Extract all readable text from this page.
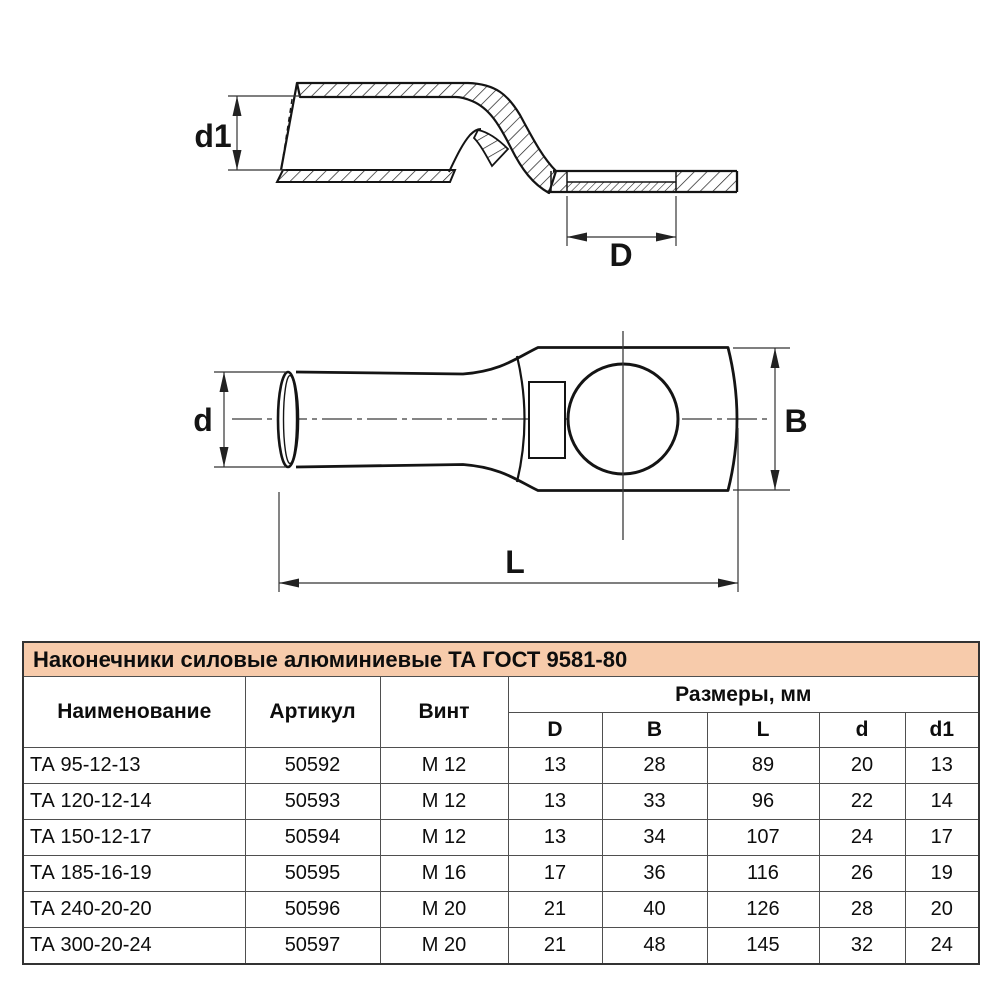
d1
D
d	B
L
Наконечники силовые алюминиевые ТА ГОСТ 9581-80							
Наименование	Артикул	Винт	Размеры, мм				
			D	B	L	d	d1
ТА 95-12-13	50592	М 12	13	28	89	20	13
ТА 120-12-14	50593	М 12	13	33	96	22	14
ТА 150-12-17	50594	М 12	13	34	107	24	17
ТА 185-16-19	50595	М 16	17	36	116	26	19
ТА 240-20-20	50596	М 20	21	40	126	28	20
ТА 300-20-24	50597	М 20	21	48	145	32	24
